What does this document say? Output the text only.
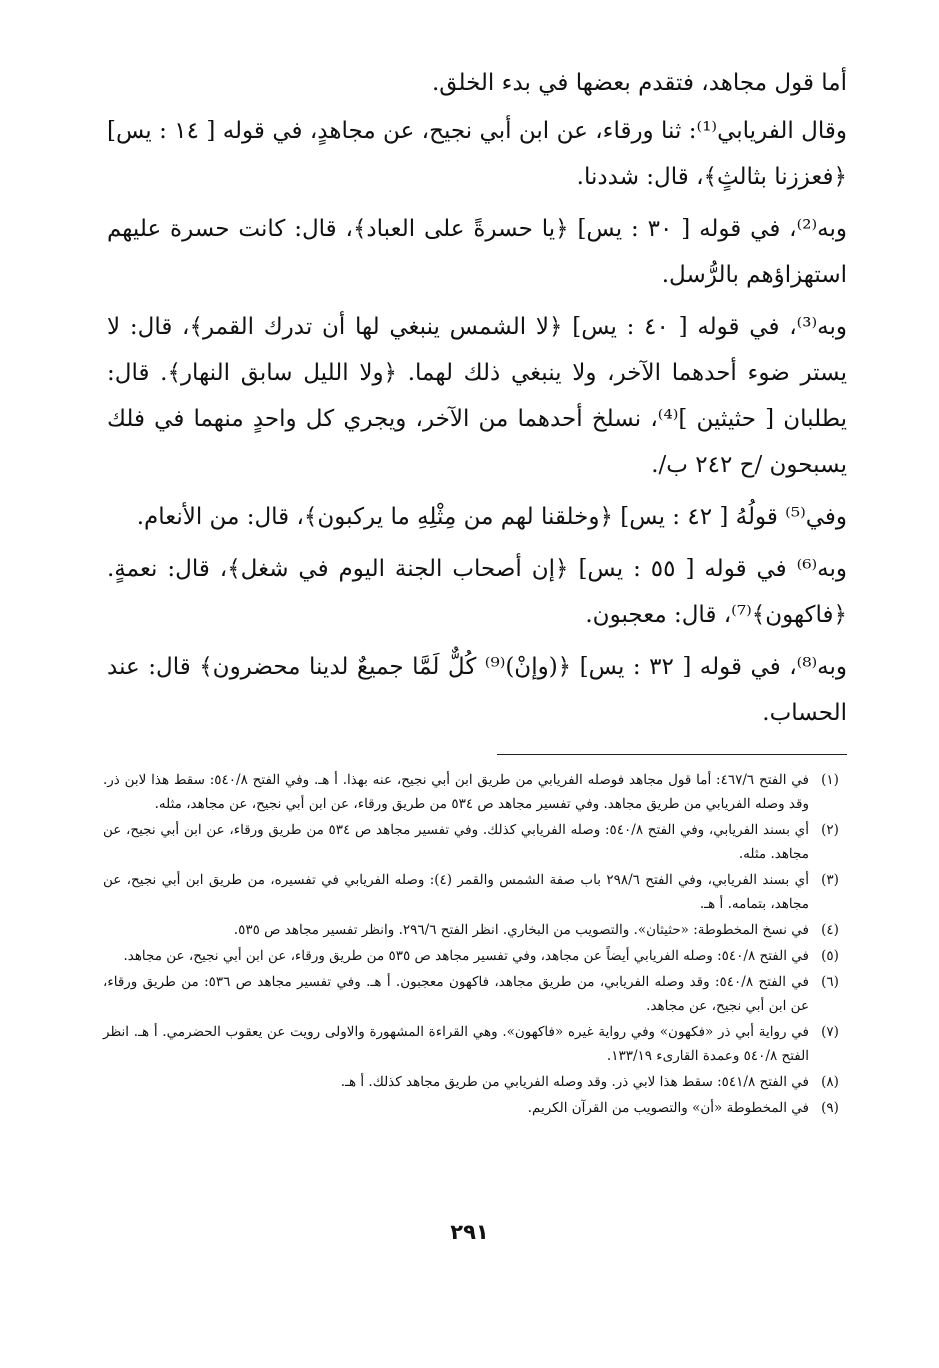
أما قول مجاهد، فتقدم بعضها في بدء الخلق.

وقال الفريابي⁽¹⁾: ثنا ورقاء، عن ابن أبي نجيح، عن مجاهدٍ، في قوله [ ١٤ : يس] ﴿فعززنا بثالثٍ﴾، قال: شددنا.

وبه⁽²⁾، في قوله [ ٣٠ : يس] ﴿يا حسرةً على العباد﴾، قال: كانت حسرة عليهم استهزاؤهم بالرُّسل.

وبه⁽³⁾، في قوله [ ٤٠ : يس] ﴿لا الشمس ينبغي لها أن تدرك القمر﴾، قال: لا يستر ضوء أحدهما الآخر، ولا ينبغي ذلك لهما. ﴿ولا الليل سابق النهار﴾. قال: يطلبان [ حثيثين ]⁽⁴⁾، نسلخ أحدهما من الآخر، ويجري كل واحدٍ منهما في فلك يسبحون /ح ٢٤٢ ب/.

وفي⁽⁵⁾ قولُهُ [ ٤٢ : يس] ﴿وخلقنا لهم من مِثْلِهِ ما يركبون﴾، قال: من الأنعام.

وبه⁽⁶⁾ في قوله [ ٥٥ : يس] ﴿إن أصحاب الجنة اليوم في شغل﴾، قال: نعمةٍ. ﴿فاكهون﴾⁽⁷⁾، قال: معجبون.

وبه⁽⁸⁾، في قوله [ ٣٢ : يس] ﴿(وإنْ)⁽⁹⁾ كُلٌّ لَمَّا جميعٌ لدينا محضرون﴾ قال: عند الحساب.

(١)
في الفتح ٤٦٧/٦: أما قول مجاهد فوصله الفريابي من طريق ابن أبي نجيح، عنه بهذا. أ هـ. وفي الفتح ٥٤٠/٨: سقط هذا لابن ذر. وقد وصله الفريابي من طريق مجاهد. وفي تفسير مجاهد ص ٥٣٤ من طريق ورقاء، عن ابن أبي نجيح، عن مجاهد، مثله.
(٢)
أي بسند الفريابي، وفي الفتح ٥٤٠/٨: وصله الفريابي كذلك. وفي تفسير مجاهد ص ٥٣٤ من طريق ورقاء، عن ابن أبي نجيح، عن مجاهد. مثله.
(٣)
أي بسند الفريابي، وفي الفتح ٢٩٨/٦ باب صفة الشمس والقمر (٤): وصله الفريابي في تفسيره، من طريق ابن أبي نجيح، عن مجاهد، بتمامه. أ هـ.
(٤)
في نسخ المخطوطة: «حثيثان». والتصويب من البخاري. انظر الفتح ٢٩٦/٦. وانظر تفسير مجاهد ص ٥٣٥.
(٥)
في الفتح ٥٤٠/٨: وصله الفريابي أيضاً عن مجاهد، وفي تفسير مجاهد ص ٥٣٥ من طريق ورقاء، عن ابن أبي نجيح، عن مجاهد.
(٦)
في الفتح ٥٤٠/٨: وقد وصله الفريابي، من طريق مجاهد، فاكهون معجبون. أ هـ. وفي تفسير مجاهد ص ٥٣٦: من طريق ورقاء، عن ابن أبي نجيح، عن مجاهد.
(٧)
في رواية أبي ذر «فكهون» وفي رواية غيره «فاكهون». وهي القراءة المشهورة والاولى رويت عن يعقوب الحضرمي. أ هـ. انظر الفتح ٥٤٠/٨ وعمدة القارىء ١٣٣/١٩.
(٨)
في الفتح ٥٤١/٨: سقط هذا لابي ذر. وقد وصله الفريابي من طريق مجاهد كذلك. أ هـ.
(٩)
في المخطوطة «أن» والتصويب من القرآن الكريم.
٢٩١
